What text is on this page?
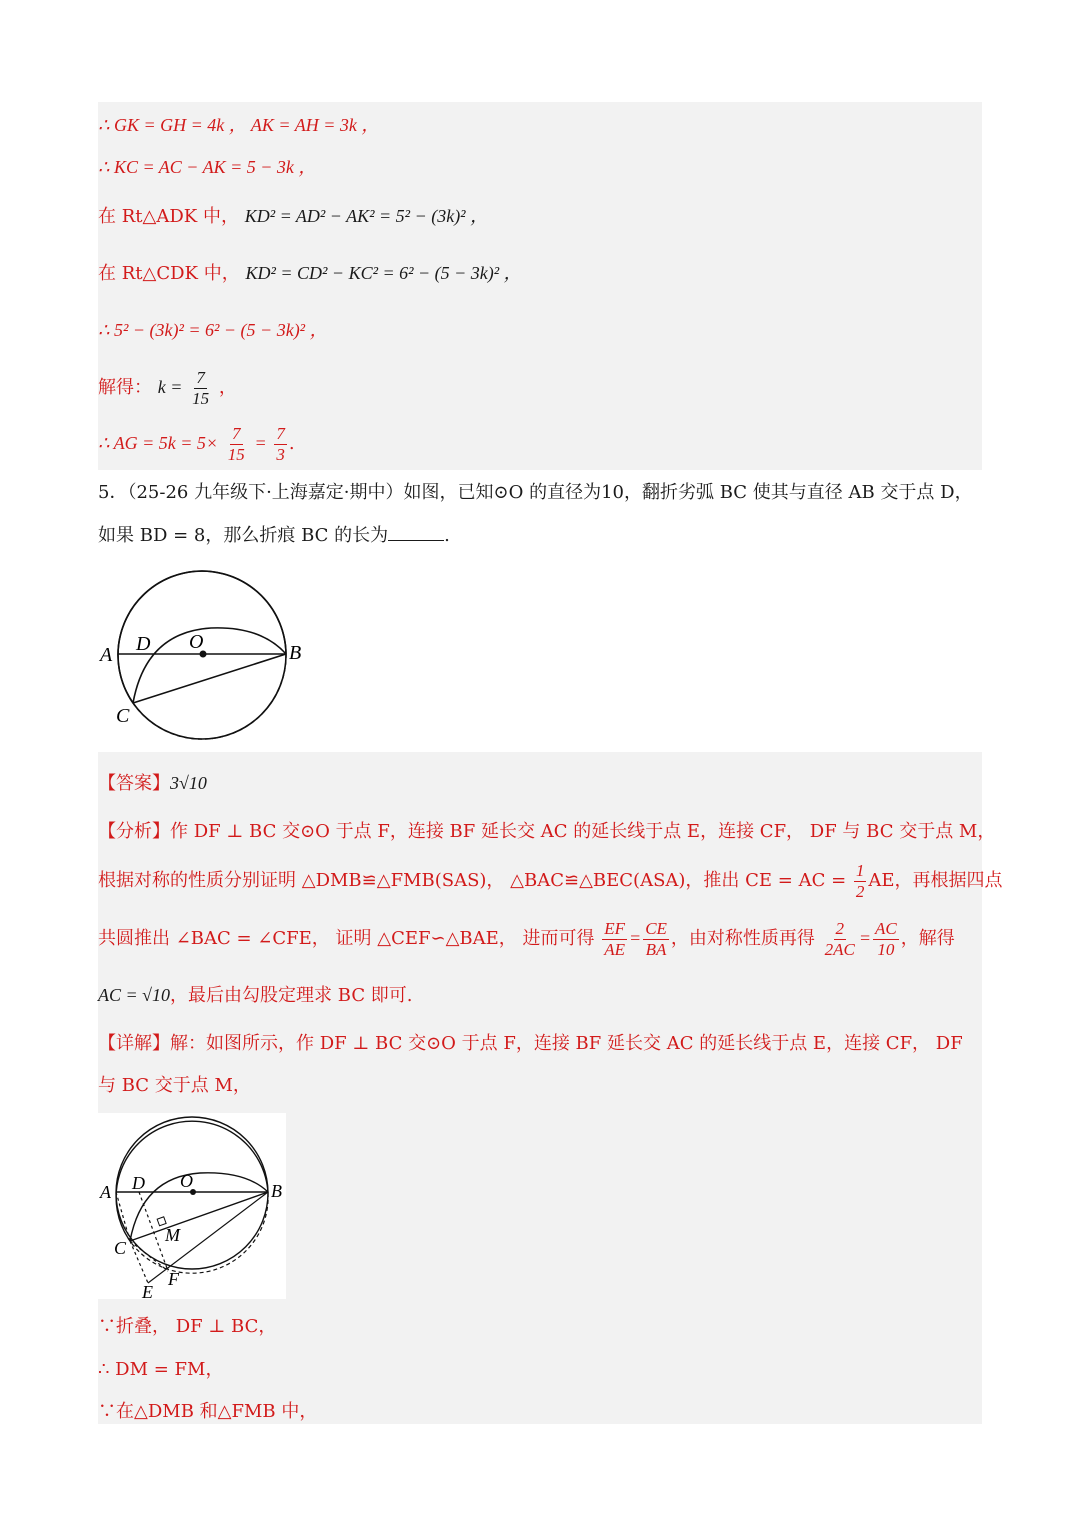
∴ GK = GH = 4k ， AK = AH = 3k ，
∴ KC = AC − AK = 5 − 3k ，
在 Rt△ADK 中， KD² = AD² − AK² = 5² − (3k)² ，
在 Rt△CDK 中， KD² = CD² − KC² = 6² − (5 − 3k)² ，
∴ 5² − (3k)² = 6² − (5 − 3k)² ，
解得： $k = \frac{7}{15}$ ，
∴ AG = $5k = 5\times \frac{7}{15} = \frac{7}{3}$ .
5．（25-26 九年级下·上海嘉定·期中）如图，已知⊙O 的直径为10，翻折劣弧 BC 使其与直径 AB 交于点 D，
如果 BD = 8，那么折痕 BC 的长为	.
A D O	B
C
【答案】3√10
【分析】作 DF ⊥ BC 交⊙O 于点 F，连接 BF 延长交 AC 的延长线于点 E，连接 CF， DF 与 BC 交于点 M，
根据对称的性质分别证明 △DMB≌△FMB(SAS)， △BAC≌△BEC(ASA)，推出 CE = AC = $\frac{1}{2}$ AE，再根据四点
共圆推出 ∠BAC = ∠CFE， 证明 △CEF∽△BAE， 进而可得 $\frac{EF}{AE} = \frac{CE}{BA}$ ，由对称性质再得 $\frac{2}{2AC} = \frac{AC}{10}$ ，解得
AC = √10，最后由勾股定理求 BC 即可.
【详解】解：如图所示，作 DF ⊥ BC 交⊙O 于点 F，连接 BF 延长交 AC 的延长线于点 E，连接 CF， DF
与 BC 交于点 M，
A D O	B
C
M
F
E
∵折叠， DF ⊥ BC，
∴ DM = FM，
∵在△DMB 和△FMB 中，
